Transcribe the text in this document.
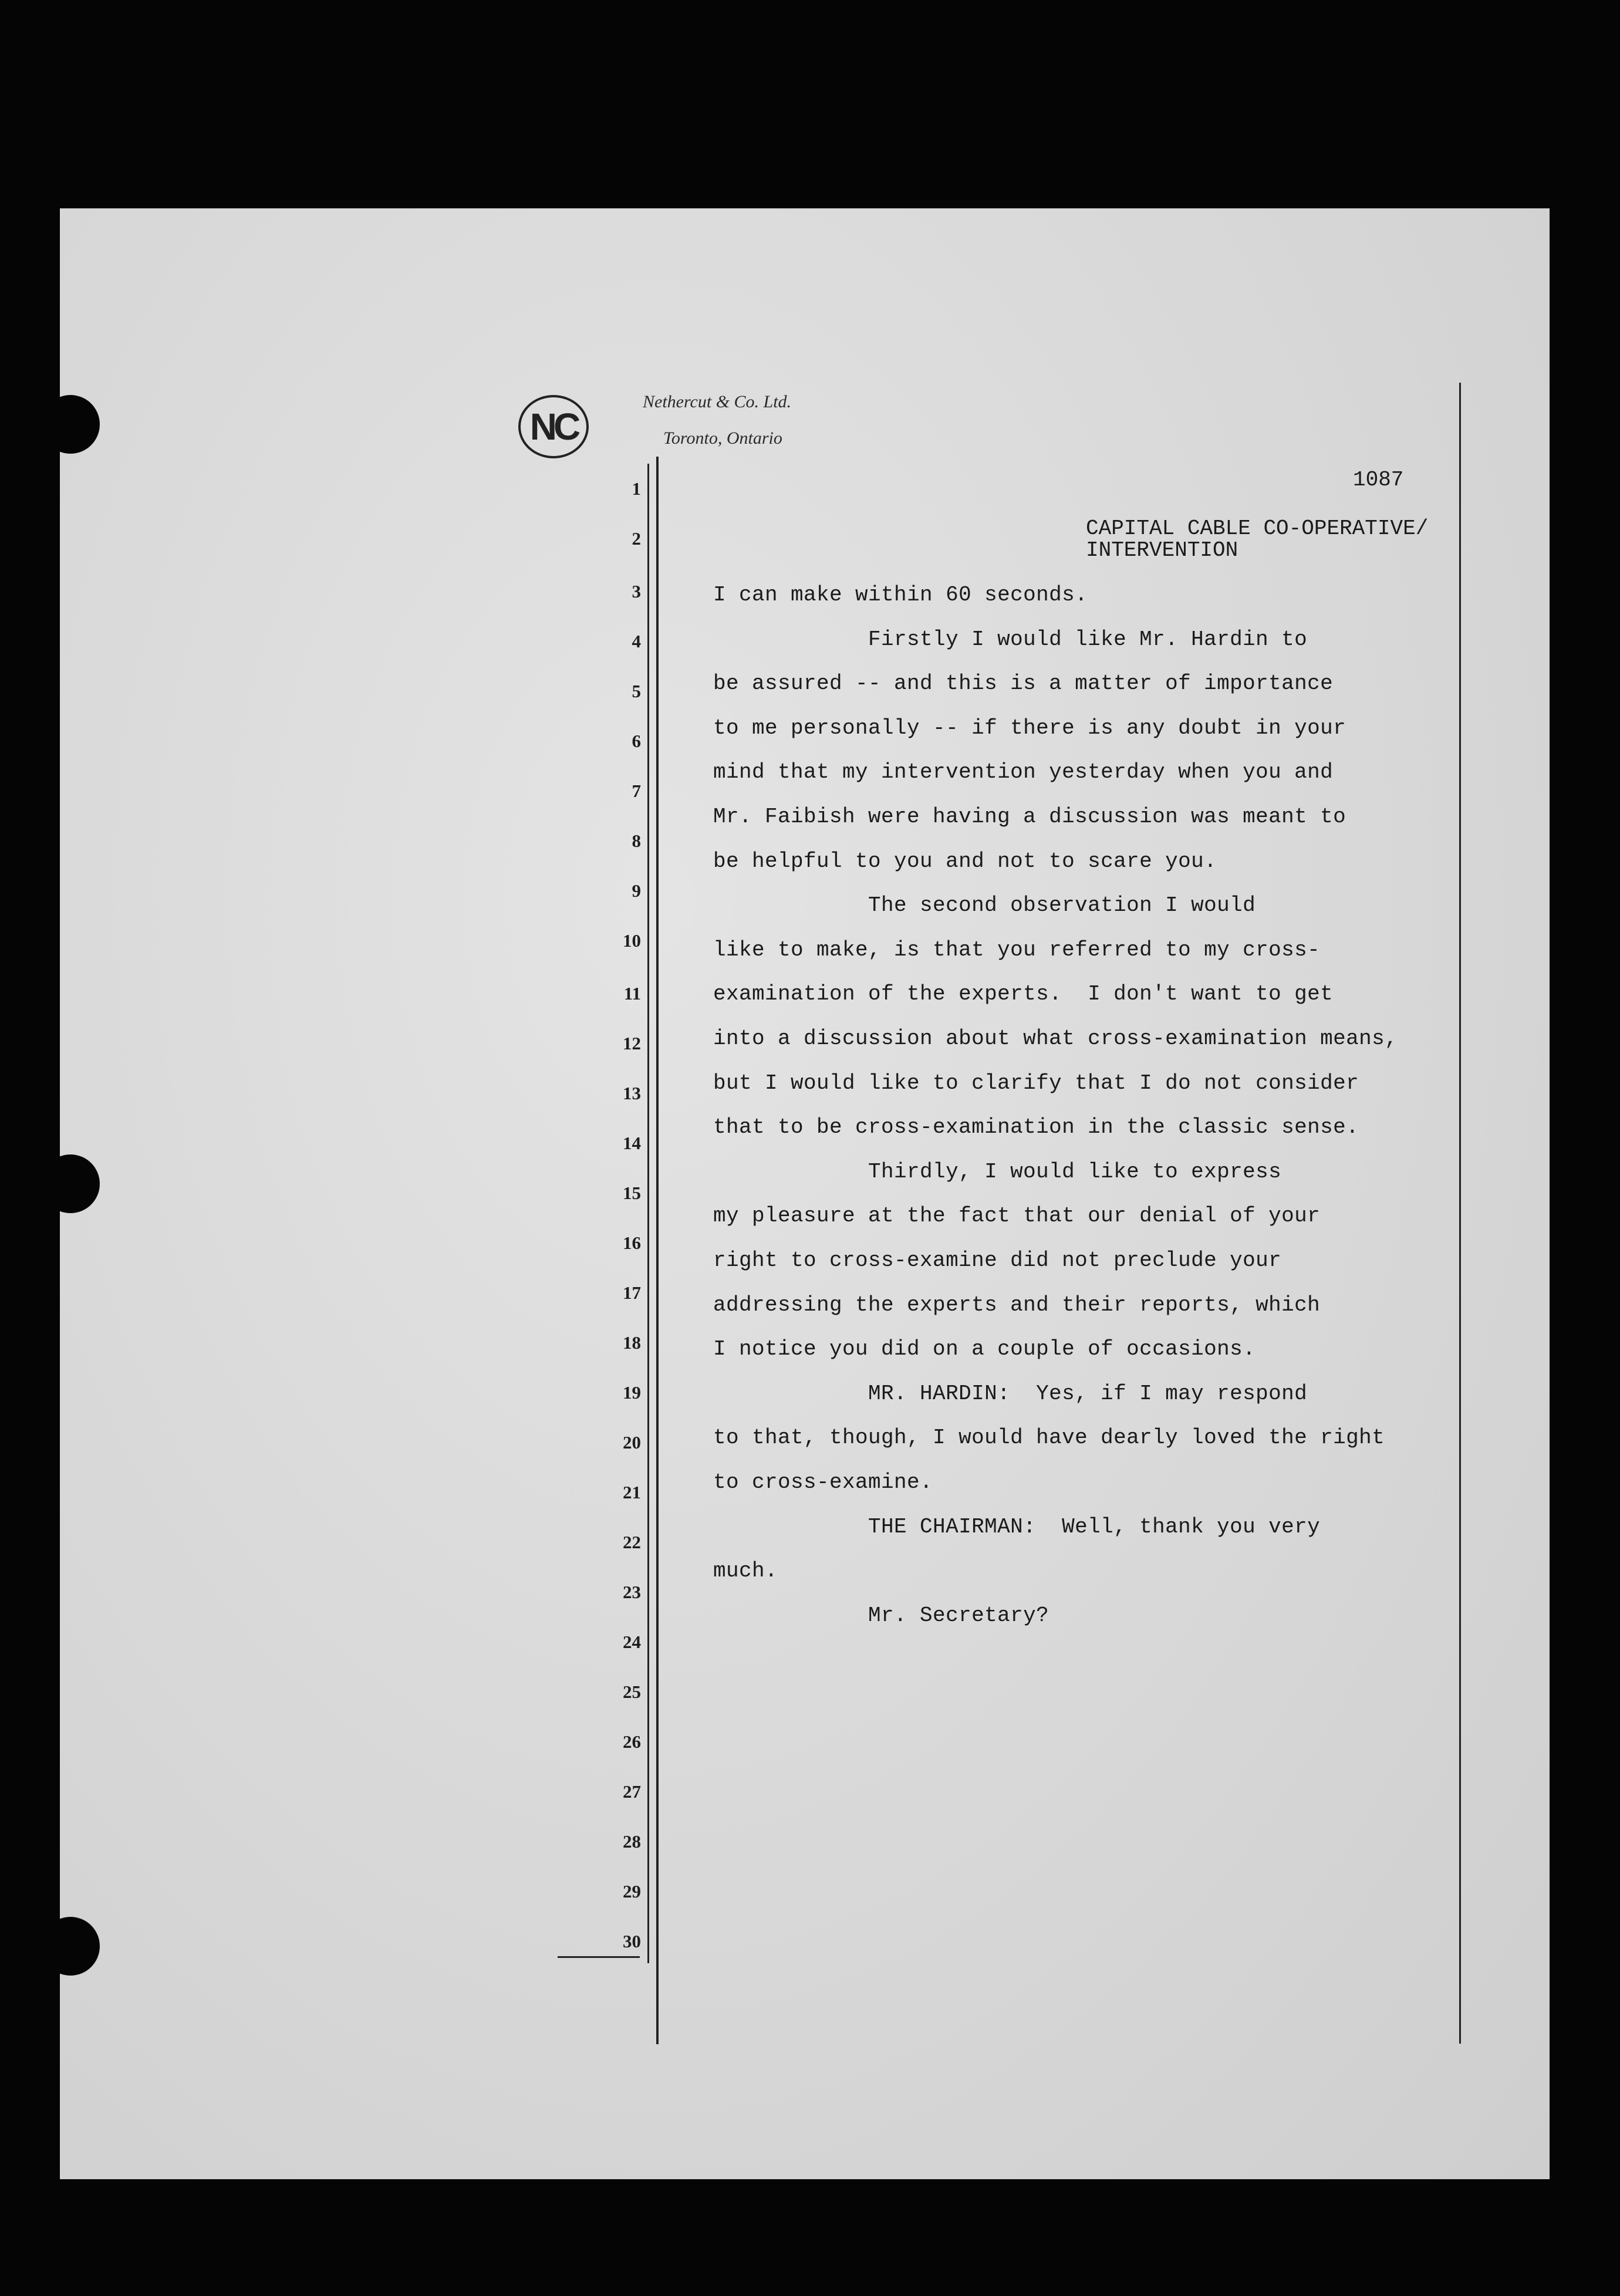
NC
Nethercut & Co. Ltd.
Toronto, Ontario
1
2
3
4
5
6
7
8
9
10
11
12
13
14
15
16
17
18
19
20
21
22
23
24
25
26
27
28
29
30
1087
CAPITAL CABLE CO-OPERATIVE/
INTERVENTION
I can make within 60 seconds.
Firstly I would like Mr. Hardin to
be assured -- and this is a matter of importance
to me personally -- if there is any doubt in your
mind that my intervention yesterday when you and
Mr. Faibish were having a discussion was meant to
be helpful to you and not to scare you.
The second observation I would
like to make, is that you referred to my cross-
examination of the experts.  I don't want to get
into a discussion about what cross-examination means,
but I would like to clarify that I do not consider
that to be cross-examination in the classic sense.
Thirdly, I would like to express
my pleasure at the fact that our denial of your
right to cross-examine did not preclude your
addressing the experts and their reports, which
I notice you did on a couple of occasions.
MR. HARDIN:  Yes, if I may respond
to that, though, I would have dearly loved the right
to cross-examine.
THE CHAIRMAN:  Well, thank you very
much.
Mr. Secretary?
